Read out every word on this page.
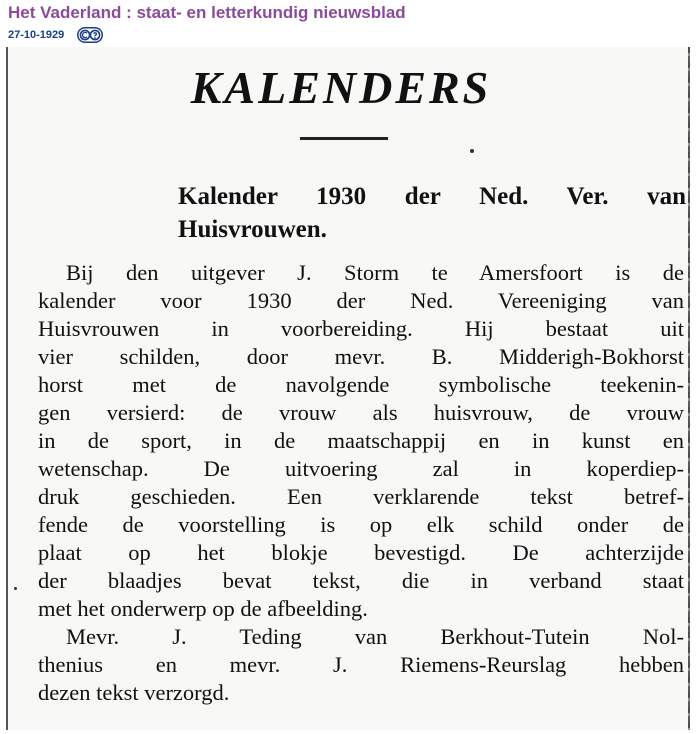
Het Vaderland : staat- en letterkundig nieuwsblad
27-10-1929
KALENDERS
Kalender 1930 der Ned. Ver. van
Huisvrouwen.
Bij den uitgever J. Storm te Amersfoort is de
kalender voor 1930 der Ned. Vereeniging van
Huisvrouwen in voorbereiding. Hij bestaat uit
vier schilden, door mevr. B. Midderigh-Bokhorst
horst met de navolgende symbolische teekenin-
gen versierd: de vrouw als huisvrouw, de vrouw
in de sport, in de maatschappij en in kunst en
wetenschap. De uitvoering zal in koperdiep-
druk geschieden. Een verklarende tekst betref-
fende de voorstelling is op elk schild onder de
plaat op het blokje bevestigd. De achterzijde
der blaadjes bevat tekst, die in verband staat
met het onderwerp op de afbeelding.
Mevr. J. Teding van Berkhout-Tutein Nol-
thenius en mevr. J. Riemens-Reurslag hebben
dezen tekst verzorgd.
